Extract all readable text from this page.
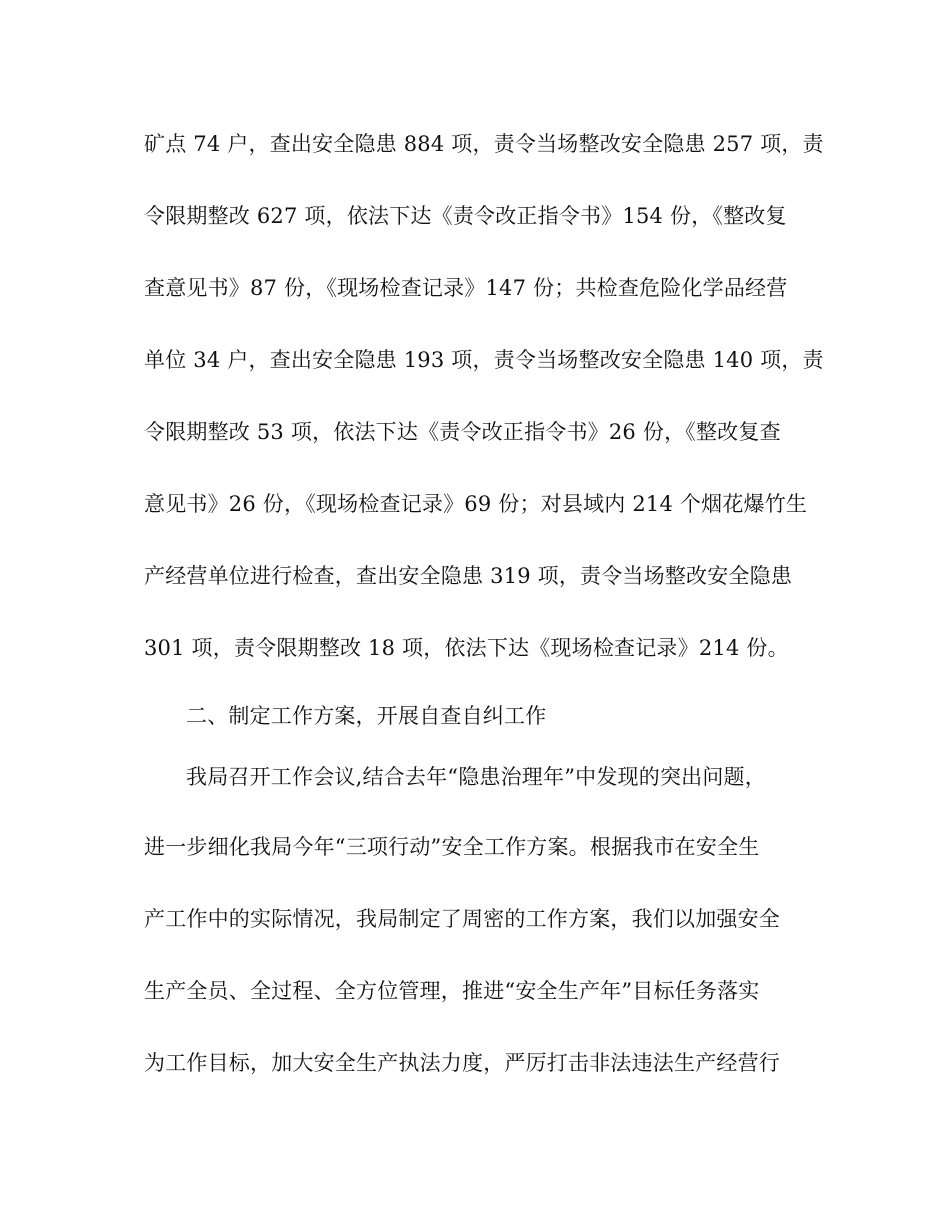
矿点 74 户，查出安全隐患 884 项，责令当场整改安全隐患 257 项，责
令限期整改 627 项，依法下达《责令改正指令书》154 份，《整改复
查意见书》87 份，《现场检查记录》147 份；共检查危险化学品经营
单位 34 户，查出安全隐患 193 项，责令当场整改安全隐患 140 项，责
令限期整改 53 项，依法下达《责令改正指令书》26 份，《整改复查
意见书》26 份，《现场检查记录》69 份；对县域内 214 个烟花爆竹生
产经营单位进行检查，查出安全隐患 319 项，责令当场整改安全隐患
301 项，责令限期整改 18 项，依法下达《现场检查记录》214 份。
二、制定工作方案，开展自查自纠工作
我局召开工作会议,结合去年“隐患治理年”中发现的突出问题，
进一步细化我局今年“三项行动”安全工作方案。根据我市在安全生
产工作中的实际情况，我局制定了周密的工作方案，我们以加强安全
生产全员、全过程、全方位管理，推进“安全生产年”目标任务落实
为工作目标，加大安全生产执法力度，严厉打击非法违法生产经营行
